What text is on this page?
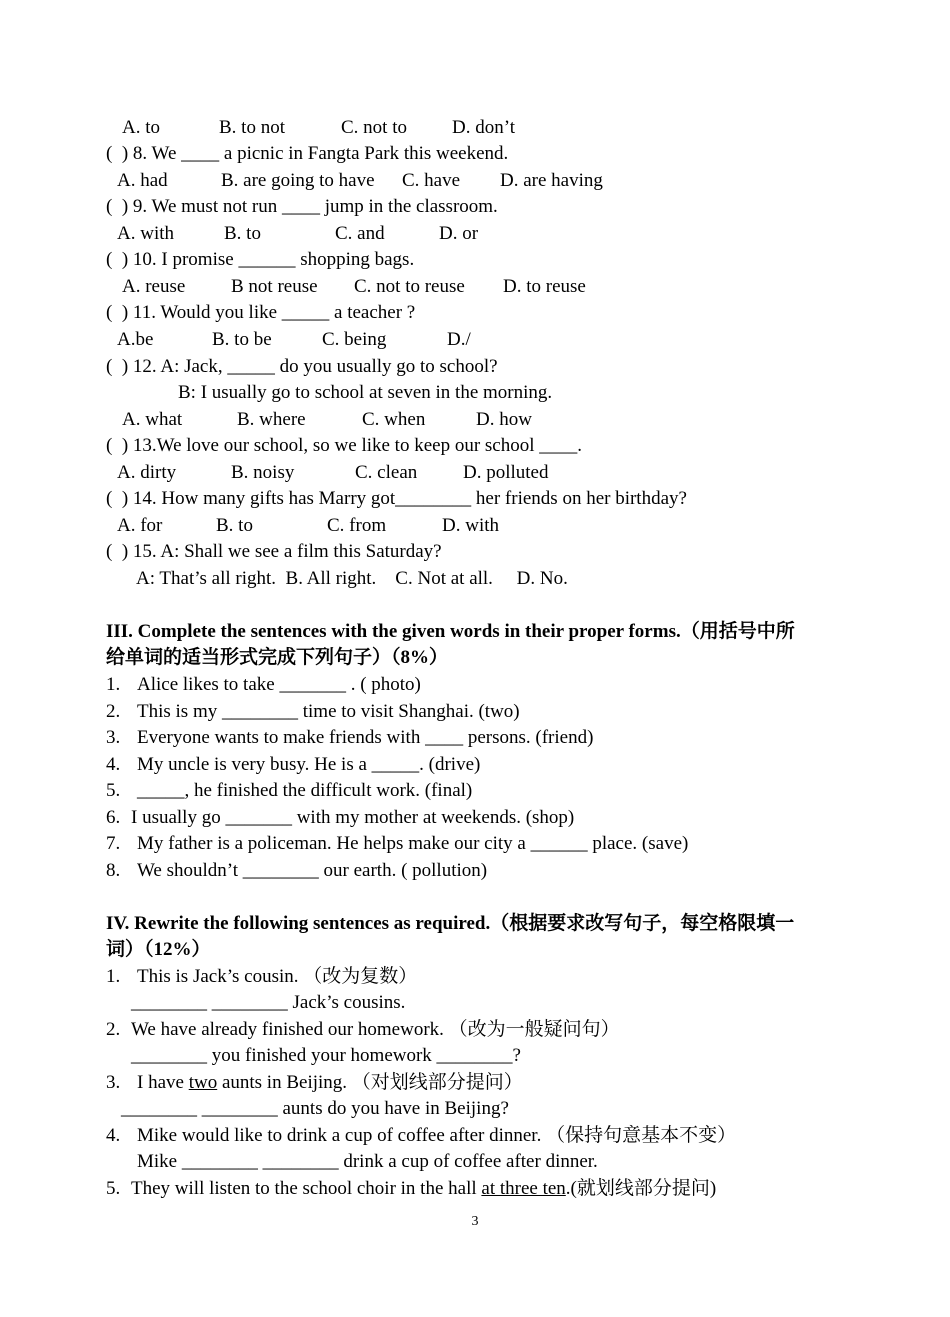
A. to	B. to not	C. not to D. don’t
(  ) 8. We ____ a picnic in Fangta Park this weekend.
A. had	B. are going to have C. have D. are having
(  ) 9. We must not run ____ jump in the classroom.
A. with	B. to	C. and	D. or
(  ) 10. I promise ______ shopping bags.
A. reuse B not reuse C. not to reuse D. to reuse
(  ) 11. Would you like _____ a teacher ?
A.be	B. to be	C. being	D./
(  ) 12. A: Jack, _____ do you usually go to school?
B: I usually go to school at seven in the morning.
A. what	B. where	C. when	D. how
(  ) 13.We love our school, so we like to keep our school ____.
A. dirty	B. noisy	C. clean D. polluted
(  ) 14. How many gifts has Marry got________ her friends on her birthday?
A. for	B. to	C. from	D. with
(  ) 15. A: Shall we see a film this Saturday?
A: That’s all right.  B. All right.    C. Not at all.     D. No.
III. Complete the sentences with the given words in their proper forms.（用括号中所
给单词的适当形式完成下列句子）（8%）
1. Alice likes to take _______ . ( photo)
2. This is my ________ time to visit Shanghai. (two)
3. Everyone wants to make friends with ____ persons. (friend)
4. My uncle is very busy. He is a _____. (drive)
5. _____, he finished the difficult work. (final)
6. I usually go _______ with my mother at weekends. (shop)
7. My father is a policeman. He helps make our city a ______ place. (save)
8. We shouldn’t ________ our earth. ( pollution)
IV. Rewrite the following sentences as required.（根据要求改写句子，每空格限填一
词）（12%）
1. This is Jack’s cousin. （改为复数）
________ ________ Jack’s cousins.
2. We have already finished our homework. （改为一般疑问句）
________ you finished your homework ________?
3. I have two aunts in Beijing. （对划线部分提问）
________ ________ aunts do you have in Beijing?
4. Mike would like to drink a cup of coffee after dinner. （保持句意基本不变）
Mike ________ ________ drink a cup of coffee after dinner.
5. They will listen to the school choir in the hall at three ten.(就划线部分提问)
3
